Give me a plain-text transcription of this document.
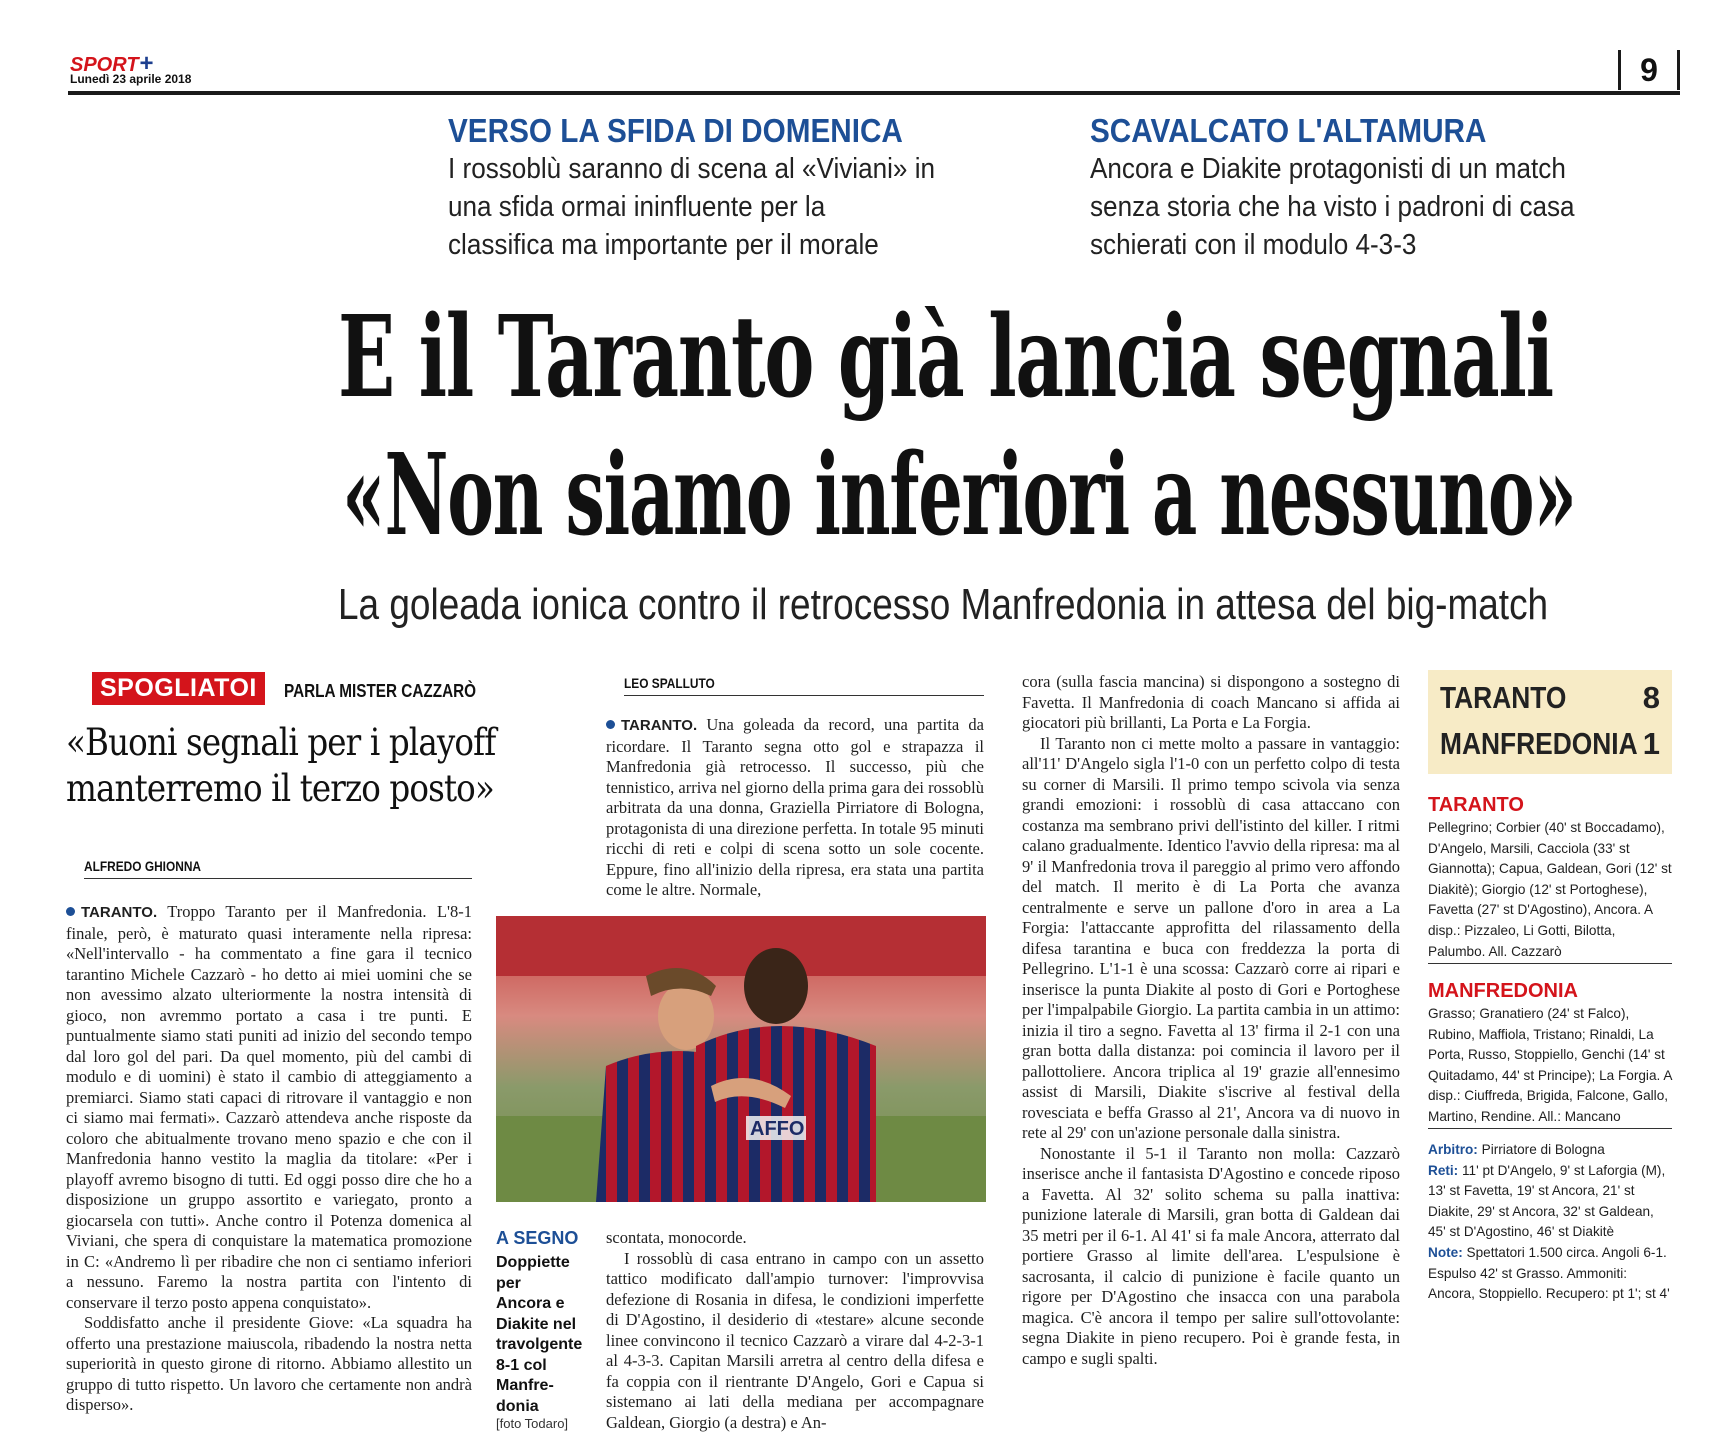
SPORT+
Lunedì 23 aprile 2018	9
VERSO LA SFIDA DI DOMENICA
I rossoblù saranno di scena al «Viviani» in
una sfida ormai ininfluente per la
classifica ma importante per il morale
SCAVALCATO L'ALTAMURA
Ancora e Diakite protagonisti di un match
senza storia che ha visto i padroni di casa
schierati con il modulo 4-3-3
E il Taranto già lancia segnali
«Non siamo inferiori a nessuno»
La goleada ionica contro il retrocesso Manfredonia in attesa del big-match
SPOGLIATOI	PARLA MISTER CAZZARÒ
«Buoni segnali per i playoff
manterremo il terzo posto»
ALFREDO GHIONNA

TARANTO. Troppo Taranto per il Manfredonia. L'8-1 finale, però, è maturato quasi interamente nella ripresa: «Nell'intervallo - ha commentato a fine gara il tecnico tarantino Michele Cazzarò - ho detto ai miei uomini che se non avessimo alzato ulteriormente la nostra intensità di gioco, non avremmo portato a casa i tre punti. E puntualmente siamo stati puniti ad inizio del secondo tempo dal loro gol del pari. Da quel momento, più del cambi di modulo e di uomini) è stato il cambio di atteggiamento a premiarci. Siamo stati capaci di ritrovare il vantaggio e non ci siamo mai fermati». Cazzarò attendeva anche risposte da coloro che abitualmente trovano meno spazio e che con il Manfredonia hanno vestito la maglia da titolare: «Per i playoff avremo bisogno di tutti. Ed oggi posso dire che ho a disposizione un gruppo assortito e variegato, pronto a giocarsela con tutti». Anche contro il Potenza domenica al Viviani, che spera di conquistare la matematica promozione in C: «Andremo lì per ribadire che non ci sentiamo inferiori a nessuno. Faremo la nostra partita con l'intento di conservare il terzo posto appena conquistato».

Soddisfatto anche il presidente Giove: «La squadra ha offerto una prestazione maiuscola, ribadendo la nostra netta superiorità in questo girone di ritorno. Abbiamo allestito un gruppo di tutto rispetto. Un lavoro che certamente non andrà disperso».

LEO SPALLUTO

TARANTO. Una goleada da record, una partita da ricordare. Il Taranto segna otto gol e strapazza il Manfredonia già retrocesso. Il successo, più che tennistico, arriva nel giorno della prima gara dei rossoblù arbitrata da una donna, Graziella Pirriatore di Bologna, protagonista di una direzione perfetta. In totale 95 minuti ricchi di reti e colpi di scena sotto un sole cocente. Eppure, fino all'inizio della ripresa, era stata una partita come le altre. Normale,

AFFO
A SEGNO
Doppiette
per
Ancora e
Diakite nel
travolgente
8-1 col
Manfre-
donia
[foto Todaro]

scontata, monocorde.

I rossoblù di casa entrano in campo con un assetto tattico modificato dall'ampio turnover: l'improvvisa defezione di Rosania in difesa, le condizioni imperfette di D'Agostino, il desiderio di «testare» alcune seconde linee convincono il tecnico Cazzarò a virare dal 4-2-3-1 al 4-3-3. Capitan Marsili arretra al centro della difesa e fa coppia con il rientrante D'Angelo, Gori e Capua si sistemano ai lati della mediana per accompagnare Galdean, Giorgio (a destra) e An-

cora (sulla fascia mancina) si dispongono a sostegno di Favetta. Il Manfredonia di coach Mancano si affida ai giocatori più brillanti, La Porta e La Forgia.

Il Taranto non ci mette molto a passare in vantaggio: all'11' D'Angelo sigla l'1-0 con un perfetto colpo di testa su corner di Marsili. Il primo tempo scivola via senza grandi emozioni: i rossoblù di casa attaccano con costanza ma sembrano privi dell'istinto del killer. I ritmi calano gradualmente. Identico l'avvio della ripresa: ma al 9' il Manfredonia trova il pareggio al primo vero affondo del match. Il merito è di La Porta che avanza centralmente e serve un pallone d'oro in area a La Forgia: l'attaccante approfitta del rilassamento della difesa tarantina e buca con freddezza la porta di Pellegrino. L'1-1 è una scossa: Cazzarò corre ai ripari e inserisce la punta Diakite al posto di Gori e Portoghese per l'impalpabile Giorgio. La partita cambia in un attimo: inizia il tiro a segno. Favetta al 13' firma il 2-1 con una gran botta dalla distanza: poi comincia il lavoro per il pallottoliere. Ancora triplica al 19' grazie all'ennesimo assist di Marsili, Diakite s'iscrive al festival della rovesciata e beffa Grasso al 21', Ancora va di nuovo in rete al 29' con un'azione personale dalla sinistra.

Nonostante il 5-1 il Taranto non molla: Cazzarò inserisce anche il fantasista D'Agostino e concede riposo a Favetta. Al 32' solito schema su palla inattiva: punizione laterale di Marsili, gran botta di Galdean dai 35 metri per il 6-1. Al 41' si fa male Ancora, atterrato dal portiere Grasso al limite dell'area. L'espulsione è sacrosanta, il calcio di punizione è facile quanto un rigore per D'Agostino che insacca con una parabola magica. C'è ancora il tempo per salire sull'ottovolante: segna Diakite in pieno recupero. Poi è grande festa, in campo e sugli spalti.

TARANTO 8
MANFREDONIA 1
TARANTO
Pellegrino; Corbier (40' st Boccadamo), D'Angelo, Marsili, Cacciola (33' st Giannotta); Capua, Galdean, Gori (12' st Diakitè); Giorgio (12' st Portoghese), Favetta (27' st D'Agostino), Ancora. A disp.: Pizzaleo, Li Gotti, Bilotta, Palumbo. All. Cazzarò
MANFREDONIA
Grasso; Granatiero (24' st Falco), Rubino, Maffiola, Tristano; Rinaldi, La Porta, Russo, Stoppiello, Genchi (14' st Quitadamo, 44' st Principe); La Forgia. A disp.: Ciuffreda, Brigida, Falcone, Gallo, Martino, Rendine. All.: Mancano
Arbitro: Pirriatore di Bologna
Reti: 11' pt D'Angelo, 9' st Laforgia (M), 13' st Favetta, 19' st Ancora, 21' st Diakite, 29' st Ancora, 32' st Galdean, 45' st D'Agostino, 46' st Diakitè
Note: Spettatori 1.500 circa. Angoli 6-1. Espulso 42' st Grasso. Ammoniti: Ancora, Stoppiello. Recupero: pt 1'; st 4'
